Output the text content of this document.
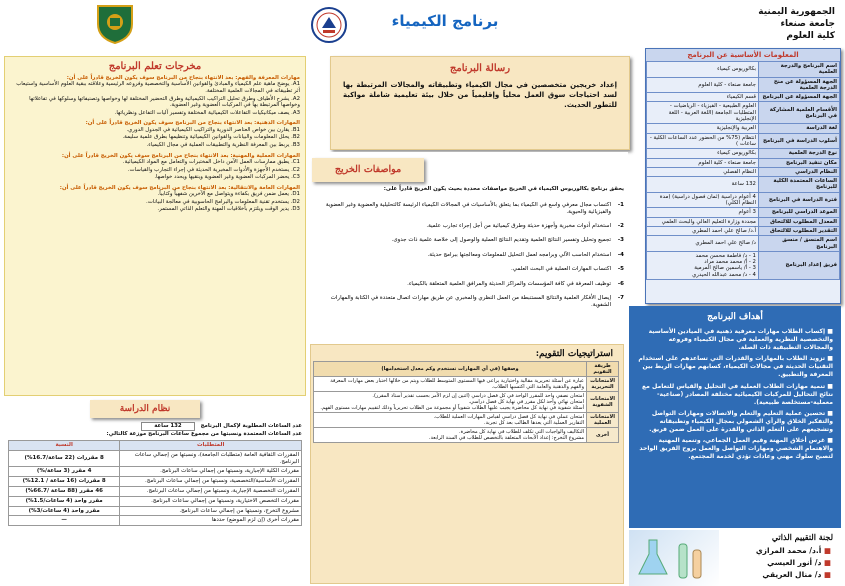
الجمهورية اليمنية
جامعة صنعاء
كلية العلوم
برنامج الكيمياء
المعلومات الأساسية عن البرنامج
اسم البرنامج والدرجة العلمية	بكالوريوس كيمياء
الجهة المسؤولة عن منح الدرجة العلمية	جامعة صنعاء - كلية العلوم
الجهة المسؤولة عن البرنامج	قسم الكيمياء
الأقسام العلمية المشاركة في البرنامج	العلوم الطبيعية - الفيزياء - الرياضيات - المتطلبات الجامعة (اللغة العربية - اللغة الإنجليزية
لغة الدراسة	العربية والإنجليزية
أسلوب الدراسة في البرنامج	انتظام (75% من الحضور عدد الساعات الكلية - ساعات )
نوع الدرجة العلمية	بكالوريوس كيمياء
مكان تنفيذ البرنامج	جامعة صنعاء - كلية العلوم
النظام الدراسي	النظام الفصلي
الساعات المعتمدة الكلية للبرنامج	132 ساعة
فترة الدراسة في البرنامج	4 أعوام دراسية (ثمان فصول دراسية) (مدة النظام الكلي)
الموعد الدراسي للبرنامج	3 أعوام
المعدل المطلوب للالتحاق	مجددة وزارة التعليم العالي والبحث العلمي
التقدير المطلوب للالتحاق	أ.د/ صالح علي احمد المطري
اسم المنسق / منسق البرنامج	د/ صالح علي احمد المطري
فريق إعداد البرنامج	1 - د/ فاطمة محسن محمد
2 - أ/ محمد محمد مراد
3 - أ/ ياسمين صالح المرمية
4 - د/ محمد عبدالله الحيدري
أهداف البرنامج
■ إكساب الطلاب مهارات معرفية ذهنية في الميادين الأساسية والتخصصية النظرية والعملية في مجال الكيمياء وفروعه والمجالات التطبيقية ذات الصلة.
■ تزويد الطلاب بالمهارات والقدرات التي تساعدهم على استخدام التقنيات الحديثة في مجالات الكيمياء، كسابهم مهارات الربط بين المعرفة والتطبيق.
■ تنمية مهارات الطلاب العملية في التحليل والقياس للتعامل مع نتائج التحاليل للمركبات الكيميائية مختلفة المصادر (صناعية-معملية-مستخلصة طبيعية).
■ تحسين عملية التعليم والتعلم والاتصالات ومهارات التواصل والتفكير الخلاق والرأي الشمولي بمجال الكيمياء وتطبيقاته وتشجيعهم على التعلم الذاتي والقدرة على العمل ضمن فريق.
■ غرس أخلاق المهنة وقيم العمل الجماعي، وتنمية المهنية والاهتمام الشخصي ومهارات التواصل والعمل بروح الفريق الواحد لتصبح سلوك مهني وعادات تؤدي لخدمة المجتمع.
لجنة التقييم الذاتي
■ أ.د/ محمد المرازي
■ د/ أنور العيسي
■ د/ منال العريقي
رسالة البرنامج
إعداد خريجين متخصصين في مجال الكيمياء وتطبيقاته والمجالات المرتبطة بها لسد احتياجات سوق العمل محلياً وإقليمياً من خلال بيئة تعليمية شاملة مواكبة للتطور الحديث.
مواصفات الخريج
يحقق برنامج بكالوريوس الكيمياء في الخريج مواصفات محددة بحيث يكون الخريج قادراً على:
1-
اكتساب مجال معرفي واسع في الكيمياء بما يتعلق بالأساسيات في المجالات الكيمياء الرئيسة كالتحليلية والعضوية وغير العضوية والفيزيائية والحيوية.
2-
استخدام أدوات مخبرية وأجهزة حديثة وطرق كيميائية من أجل إجراء تجارب علمية.
3-
تجميع وتحليل وتفسير النتائج العلمية وتقديم النتائج العملية والوصول إلى خلاصة علمية ذات جدوى.
4-
استخدام الحاسب الآلي وبرامجه لعمل التحليل للمعلومات ومعالجتها ببرامج حديثة.
5-
اكتساب المهارات العملية في البحث العلمي.
6-
توظيف المعرفة في كافة المؤسسات والمراكز الحديثة والمرافق العلمية المتعلقة بالكيمياء.
7-
إيصال الأفكار العلمية والنتائج المستنبطة من العمل النظري والمخبري عن طريق مهارات اتصال متعددة في الكتابة والمهارات الشفوية.
استراتيجيات التقويم:
طريقة التقويم	وصفها (في أي المهارات تستخدم وكم معدل استخدامها)
الامتحانات التحريرية	عبارة عن أسئلة تحريرية مقالية واختيارية يراعى فيها المستوى المتوسط للطلاب ويتم من خلالها اختبار بعض مهارات المعرفة والفهم والذهنية والعامة التي اكتسبها الطلاب.
الامتحانات الشفوية	امتحان نصفي واحد للمقرر الواحد في كل فصل دراسي (اثنين إن لزم الأمر بحسب تقدير أستاذ المقرر).
امتحان نهائي واحد لكل مقرر في نهاية كل فصل دراسي.
أسئلة شفوية في نهاية كل محاضرة يجيب عليها الطلاب شفوياً أو مجموعة من الطلاب تحريرياً وذلك لتقييم مهارات مستوى الفهم.
الامتحانات العملية	امتحان عملي في نهاية كل فصل دراسي لقياس المهارات العملية للطلاب.
التقارير العملية التي يعدها الطالب بعد كل تجربة.
أخرى	التكاليف والواجبات التي تكلف للطلاب في نهاية كل محاضرة.
مشروع التخرج: إعداد الأبحاث المتعلقة بالتخصص للطلاب في السنة الرابعة.
مخرجات تعلم البرنامج
مهارات المعرفة والفهم: بعد الانتهاء بنجاح من البرنامج سوف يكون الخريج قادراً على أن:
A1. يوضح ماهية علم الكيمياء والمبادئ والقوانين الأساسية والتخصصية وفروعه الرئيسية وعلاقته ببقية العلوم الأساسية واستيعاب أثر تطبيقاته في المجالات العلمية المختلفة.
A2. يشرح الأطياف وطرق تحليل التراكيب الكيميائية وطرق التحضير المختلفة لها وخواصها وتصنيفاتها وسلوكها في تفاعلاتها وخواصها المرتبطة بها في المركبات العضوية وغير العضوية.
A3. يصف ميكانيكيات التفاعلات الكيميائية المختلفة وتفسير آليات التفاعل ونظرياتها.
المهارات الذهنية: بعد الانتهاء بنجاح من البرنامج سوف يكون الخريج قادراً على أن:
B1. يقارن بين خواص العناصر الدورية والتراكيب الكيميائية في الجدول الدوري.
B2. يحلل المعلومات والبيانات والقوانين الكيميائية وتنظيمها بطرق علمية سليمة.
B3. يربط بين المعرفة النظرية والتطبيقات العملية في مجال الكيمياء.
المهارات العملية والمهنية: بعد الانتهاء بنجاح من البرنامج سوف يكون الخريج قادراً على أن:
C1. يطبق ممارسات العمل الآمن داخل المختبرات والتعامل مع المواد الكيميائية.
C2. يستخدم الأجهزة والأدوات المخبرية الحديثة في إجراء التجارب والقياسات.
C3. يحضر المركبات العضوية وغير العضوية وينقيها ويحدد خواصها.
المهارات العامة والانتقالية: بعد الانتهاء بنجاح من البرنامج سوف يكون الخريج قادراً على أن:
D1. يعمل ضمن فريق بكفاءة ويتواصل مع الآخرين شفهياً وكتابياً.
D2. يستخدم تقنية المعلومات والبرامج الحاسوبية في معالجة البيانات.
D3. يدير الوقت ويلتزم بأخلاقيات المهنة والتعلم الذاتي المستمر.
نظام الدراسة
عدد الساعات المطلوبة لإكمال البرنامج
132 ساعة
عدد الساعات المعتمدة ونسبتها من مجموع ساعات البرنامج موزعة كالتالي:
المتطلبات	النسبة
المقررات الثقافية العامة (متطلبات الجامعة)، ونسبتها من إجمالي ساعات البرنامج.	8 مقررات (22 ساعة/16.7%)
مقررات الكلية الإجبارية، ونسبتها من إجمالي ساعات البرنامج.	4 مقرر (3 ساعة/%)
المقررات الأساسية/التخصصية، ونسبتها من إجمالي ساعات البرنامج.	8 مقررات (16 ساعة / 12.1%)
المقررات التخصصية الإجبارية، ونسبتها من إجمالي ساعات البرنامج.	46 مقرر (88 ساعة /66.7%)
مقررات التخصص الاختيارية، ونسبتها من إجمالي ساعات البرنامج.	مقرر واحد (4 ساعات/1.5%)
مشروع التخرج، ونسبتها من إجمالي ساعات البرنامج.	مقرر واحد (4 ساعات/3%)
مقررات أخرى (إن لزم الموضع) حددها	—
